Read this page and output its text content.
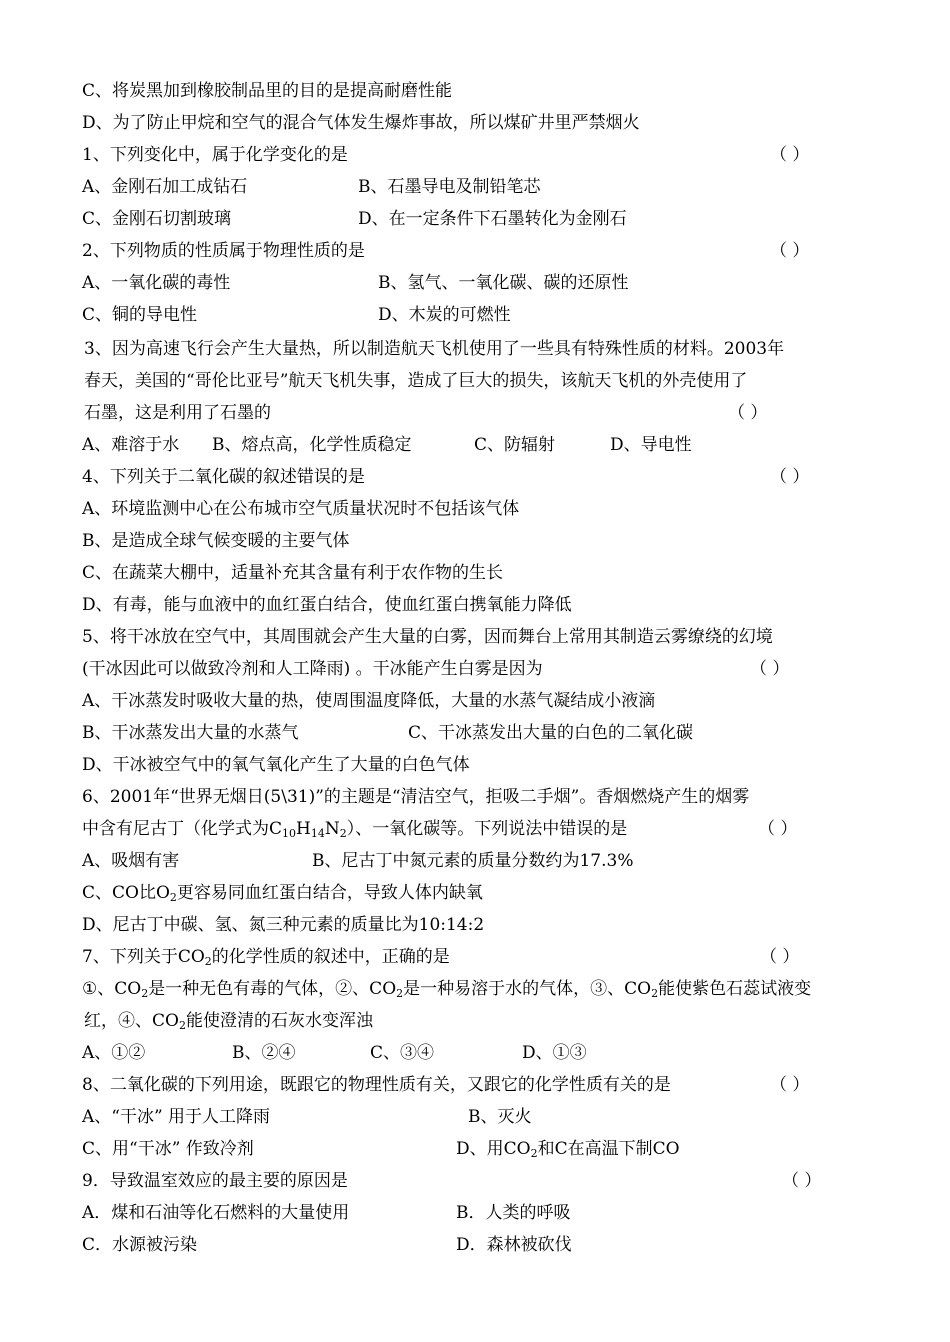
C、将炭黑加到橡胶制品里的目的是提高耐磨性能
D、为了防止甲烷和空气的混合气体发生爆炸事故，所以煤矿井里严禁烟火
1、下列变化中，属于化学变化的是	（ ）
A、金刚石加工成钻石	B、石墨导电及制铅笔芯
C、金刚石切割玻璃	D、在一定条件下石墨转化为金刚石
2、下列物质的性质属于物理性质的是	（ ）
A、一氧化碳的毒性	B、氢气、一氧化碳、碳的还原性
C、铜的导电性	D、木炭的可燃性
3、因为高速飞行会产生大量热，所以制造航天飞机使用了一些具有特殊性质的材料。2003年
春天，美国的“哥伦比亚号”航天飞机失事，造成了巨大的损失，该航天飞机的外壳使用了
石墨，这是利用了石墨的	（ ）
A、难溶于水 B、熔点高，化学性质稳定	C、防辐射	D、导电性
4、下列关于二氧化碳的叙述错误的是	（ ）
A、环境监测中心在公布城市空气质量状况时不包括该气体
B、是造成全球气候变暖的主要气体
C、在蔬菜大棚中，适量补充其含量有利于农作物的生长
D、有毒，能与血液中的血红蛋白结合，使血红蛋白携氧能力降低
5、将干冰放在空气中，其周围就会产生大量的白雾，因而舞台上常用其制造云雾缭绕的幻境
(干冰因此可以做致冷剂和人工降雨) 。干冰能产生白雾是因为	（ ）
A、干冰蒸发时吸收大量的热，使周围温度降低，大量的水蒸气凝结成小液滴
B、干冰蒸发出大量的水蒸气	C、干冰蒸发出大量的白色的二氧化碳
D、干冰被空气中的氧气氧化产生了大量的白色气体
6、2001年“世界无烟日(5\31)”的主题是“清洁空气，拒吸二手烟”。香烟燃烧产生的烟雾
中含有尼古丁（化学式为$C_{10}H_{14}N_2$）、一氧化碳等。下列说法中错误的是	（ ）
A、吸烟有害	B、尼古丁中氮元素的质量分数约为17.3%
C、CO比$O_2$更容易同血红蛋白结合，导致人体内缺氧
D、尼古丁中碳、氢、氮三种元素的质量比为10:14:2
7、下列关于$CO_2$的化学性质的叙述中，正确的是	（ ）
①、$CO_2$是一种无色有毒的气体，②、$CO_2$是一种易溶于水的气体，③、$CO_2$能使紫色石蕊试液变
红，④、$CO_2$能使澄清的石灰水变浑浊
A、①②	B、②④	C、③④	D、①③
8、二氧化碳的下列用途，既跟它的物理性质有关，又跟它的化学性质有关的是	（ ）
A、“干冰” 用于人工降雨	B、灭火
C、用“干冰” 作致冷剂	D、用$CO_2$和C在高温下制CO
9．导致温室效应的最主要的原因是	（ ）
A．煤和石油等化石燃料的大量使用	B．人类的呼吸
C．水源被污染	D．森林被砍伐
